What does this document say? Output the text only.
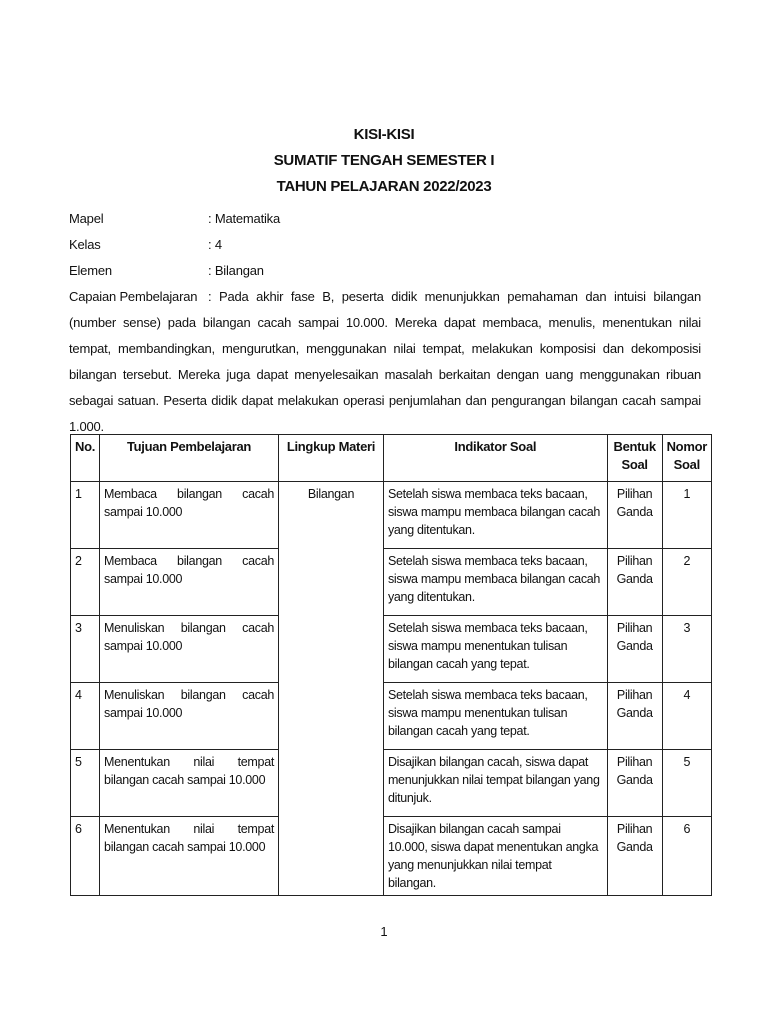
KISI-KISI
SUMATIF TENGAH SEMESTER I
TAHUN PELAJARAN 2022/2023
Mapel	: Matematika
Kelas	: 4
Elemen	: Bilangan
Capaian Pembelajaran : Pada akhir fase B, peserta didik menunjukkan pemahaman dan intuisi bilangan (number sense) pada bilangan cacah sampai 10.000. Mereka dapat membaca, menulis, menentukan nilai tempat, membandingkan, mengurutkan, menggunakan nilai tempat, melakukan komposisi dan dekomposisi bilangan tersebut. Mereka juga dapat menyelesaikan masalah berkaitan dengan uang menggunakan ribuan sebagai satuan. Peserta didik dapat melakukan operasi penjumlahan dan pengurangan bilangan cacah sampai 1.000.
No.	Tujuan Pembelajaran	Lingkup Materi	Indikator Soal	Bentuk Soal	Nomor Soal
1	Membaca bilangan cacah sampai 10.000	Bilangan	Setelah siswa membaca teks bacaan, siswa mampu membaca bilangan cacah yang ditentukan.	Pilihan Ganda	1
2	Membaca bilangan cacah sampai 10.000		Setelah siswa membaca teks bacaan, siswa mampu membaca bilangan cacah yang ditentukan.	Pilihan Ganda	2
3	Menuliskan bilangan cacah sampai 10.000		Setelah siswa membaca teks bacaan, siswa mampu menentukan tulisan bilangan cacah yang tepat.	Pilihan Ganda	3
4	Menuliskan bilangan cacah sampai 10.000		Setelah siswa membaca teks bacaan, siswa mampu menentukan tulisan bilangan cacah yang tepat.	Pilihan Ganda	4
5	Menentukan nilai tempat bilangan cacah sampai 10.000		Disajikan bilangan cacah, siswa dapat menunjukkan nilai tempat bilangan yang ditunjuk.	Pilihan Ganda	5
6	Menentukan nilai tempat bilangan cacah sampai 10.000		Disajikan bilangan cacah sampai 10.000, siswa dapat menentukan angka yang menunjukkan nilai tempat bilangan.	Pilihan Ganda	6
1
